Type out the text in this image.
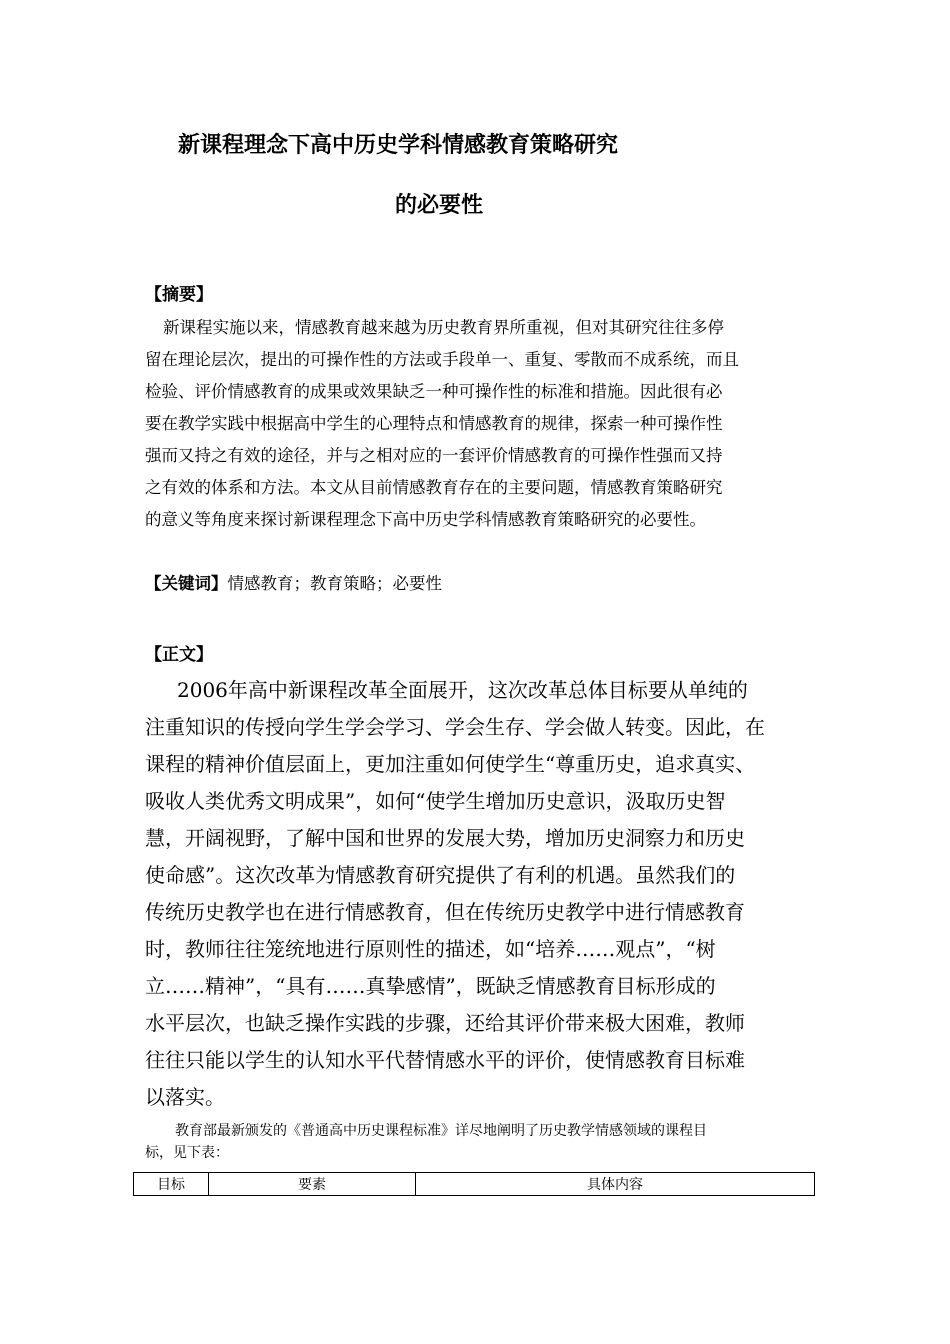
新课程理念下高中历史学科情感教育策略研究
的必要性
【摘要】
新课程实施以来，情感教育越来越为历史教育界所重视，但对其研究往往多停
留在理论层次，提出的可操作性的方法或手段单一、重复、零散而不成系统，而且
检验、评价情感教育的成果或效果缺乏一种可操作性的标准和措施。因此很有必
要在教学实践中根据高中学生的心理特点和情感教育的规律，探索一种可操作性
强而又持之有效的途径，并与之相对应的一套评价情感教育的可操作性强而又持
之有效的体系和方法。本文从目前情感教育存在的主要问题，情感教育策略研究
的意义等角度来探讨新课程理念下高中历史学科情感教育策略研究的必要性。
【关键词】情感教育；教育策略；必要性
【正文】
2006年高中新课程改革全面展开，这次改革总体目标要从单纯的
注重知识的传授向学生学会学习、学会生存、学会做人转变。因此，在
课程的精神价值层面上，更加注重如何使学生“尊重历史，追求真实、
吸收人类优秀文明成果”，如何“使学生增加历史意识，汲取历史智
慧，开阔视野，了解中国和世界的发展大势，增加历史洞察力和历史
使命感”。这次改革为情感教育研究提供了有利的机遇。虽然我们的
传统历史教学也在进行情感教育，但在传统历史教学中进行情感教育
时，教师往往笼统地进行原则性的描述，如“培养……观点”，“树
立……精神”，“具有……真挚感情”，既缺乏情感教育目标形成的
水平层次，也缺乏操作实践的步骤，还给其评价带来极大困难，教师
往往只能以学生的认知水平代替情感水平的评价，使情感教育目标难
以落实。
教育部最新颁发的《普通高中历史课程标准》详尽地阐明了历史教学情感领域的课程目
标，见下表：
目标	要素	具体内容
